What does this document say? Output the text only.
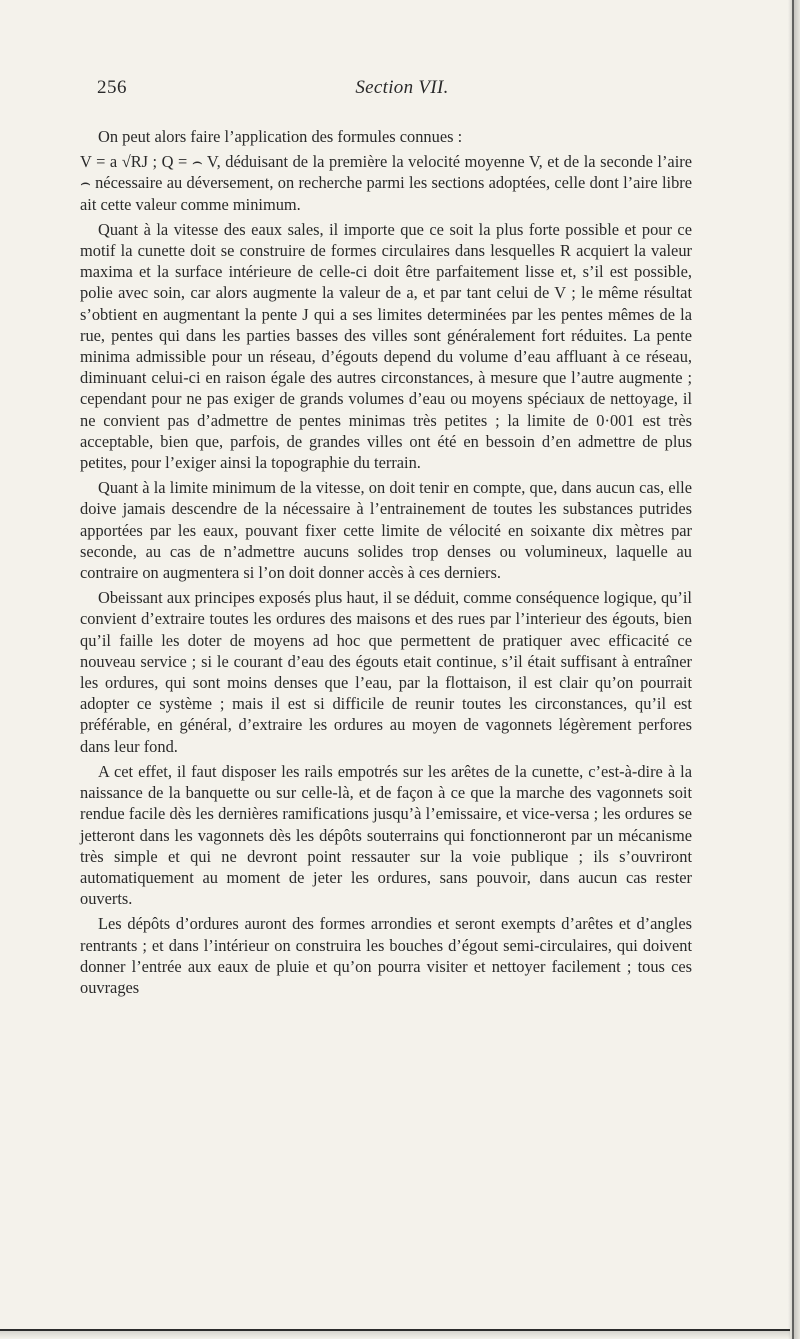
256	Section VII.

On peut alors faire l’application des formules connues :

V = a √RJ ; Q = ⌢ V, déduisant de la première la velocité moyenne V, et de la seconde l’aire ⌢ nécessaire au déversement, on recherche parmi les sections adoptées, celle dont l’aire libre ait cette valeur comme minimum.

Quant à la vitesse des eaux sales, il importe que ce soit la plus forte possible et pour ce motif la cunette doit se construire de formes circulaires dans lesquelles R acquiert la valeur maxima et la surface intérieure de celle-ci doit être parfaitement lisse et, s’il est possible, polie avec soin, car alors augmente la valeur de a, et par tant celui de V ; le même résultat s’obtient en augmentant la pente J qui a ses limites determinées par les pentes mêmes de la rue, pentes qui dans les parties basses des villes sont généralement fort réduites. La pente minima admissible pour un réseau, d’égouts depend du volume d’eau affluant à ce réseau, diminuant celui-ci en raison égale des autres circonstances, à mesure que l’autre augmente ; cependant pour ne pas exiger de grands volumes d’eau ou moyens spéciaux de nettoyage, il ne convient pas d’admettre de pentes minimas très petites ; la limite de 0·001 est très acceptable, bien que, parfois, de grandes villes ont été en bessoin d’en admettre de plus petites, pour l’exiger ainsi la topographie du terrain.

Quant à la limite minimum de la vitesse, on doit tenir en compte, que, dans aucun cas, elle doive jamais descendre de la nécessaire à l’entrainement de toutes les substances putrides apportées par les eaux, pouvant fixer cette limite de vélocité en soixante dix mètres par seconde, au cas de n’admettre aucuns solides trop denses ou volumineux, laquelle au contraire on augmentera si l’on doit donner accès à ces derniers.

Obeissant aux principes exposés plus haut, il se déduit, comme conséquence logique, qu’il convient d’extraire toutes les ordures des maisons et des rues par l’interieur des égouts, bien qu’il faille les doter de moyens ad hoc que permettent de pratiquer avec efficacité ce nouveau service ; si le courant d’eau des égouts etait continue, s’il était suffisant à entraîner les ordures, qui sont moins denses que l’eau, par la flottaison, il est clair qu’on pourrait adopter ce système ; mais il est si difficile de reunir toutes les circonstances, qu’il est préférable, en général, d’extraire les ordures au moyen de vagonnets légèrement perfores dans leur fond.

A cet effet, il faut disposer les rails empotrés sur les arêtes de la cunette, c’est-à-dire à la naissance de la banquette ou sur celle-là, et de façon à ce que la marche des vagonnets soit rendue facile dès les dernières ramifications jusqu’à l’emissaire, et vice-versa ; les ordures se jetteront dans les vagonnets dès les dépôts souterrains qui fonctionneront par un mécanisme très simple et qui ne devront point ressauter sur la voie publique ; ils s’ouvriront automatiquement au moment de jeter les ordures, sans pouvoir, dans aucun cas rester ouverts.

Les dépôts d’ordures auront des formes arrondies et seront exempts d’arêtes et d’angles rentrants ; et dans l’intérieur on construira les bouches d’égout semi-circulaires, qui doivent donner l’entrée aux eaux de pluie et qu’on pourra visiter et nettoyer facilement ; tous ces ouvrages
